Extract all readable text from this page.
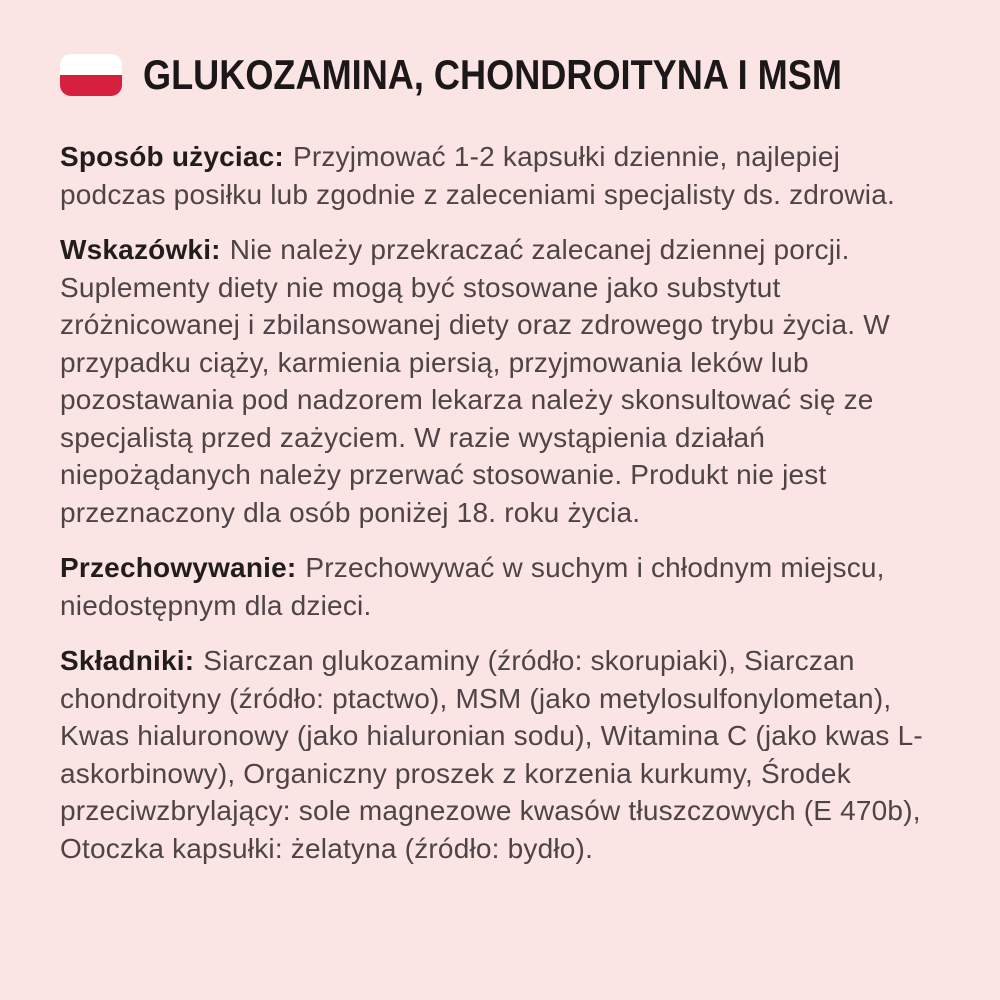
GLUKOZAMINA, CHONDROITYNA I MSM

Sposób użyciac: Przyjmować 1-2 kapsułki dziennie, najlepiej podczas posiłku lub zgodnie z zaleceniami specjalisty ds. zdrowia.

Wskazówki: Nie należy przekraczać zalecanej dziennej porcji. Suplementy diety nie mogą być stosowane jako substytut zróżnicowanej i zbilansowanej diety oraz zdrowego trybu życia. W przypadku ciąży, karmienia piersią, przyjmowania leków lub pozostawania pod nadzorem lekarza należy skonsultować się ze specjalistą przed zażyciem. W razie wystąpienia działań niepożądanych należy przerwać stosowanie. Produkt nie jest przeznaczony dla osób poniżej 18. roku życia.

Przechowywanie: Przechowywać w suchym i chłodnym miejscu, niedostępnym dla dzieci.

Składniki: Siarczan glukozaminy (źródło: skorupiaki), Siarczan chondroityny (źródło: ptactwo), MSM (jako metylosulfonylometan), Kwas hialuronowy (jako hialuronian sodu), Witamina C (jako kwas L-askorbinowy), Organiczny proszek z korzenia kurkumy, Środek przeciwzbrylający: sole magnezowe kwasów tłuszczowych (E 470b), Otoczka kapsułki: żelatyna (źródło: bydło).
